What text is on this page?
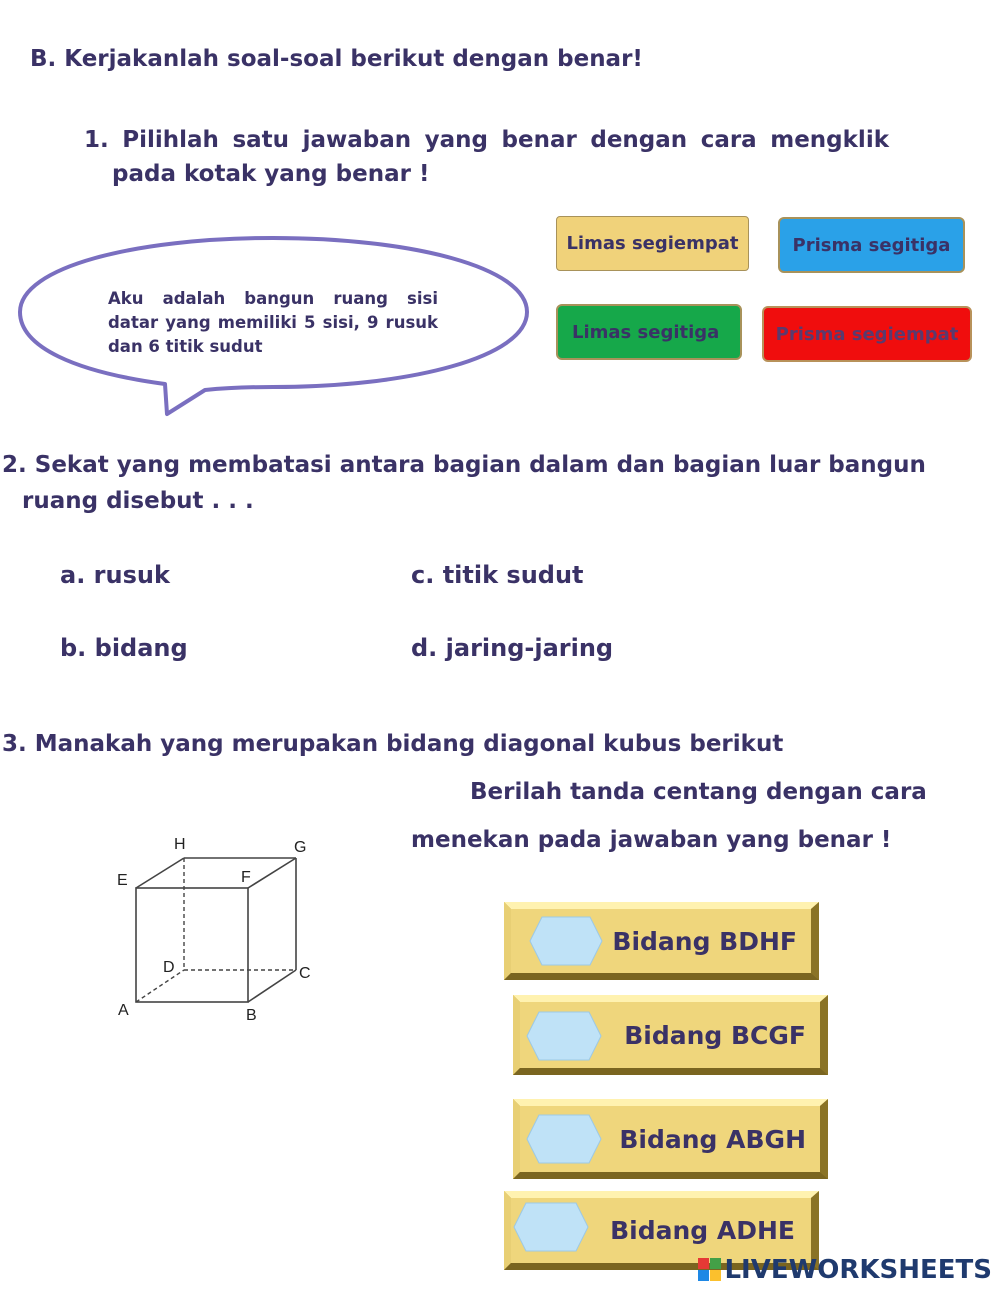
B. Kerjakanlah soal-soal berikut dengan benar!
1. Pilihlah satu jawaban yang benar dengan cara mengklik
pada kotak yang benar !
Aku adalah bangun ruang sisi datar yang memiliki 5 sisi, 9 rusuk dan 6 titik sudut
Limas segiempat	Prisma segitiga
Limas segitiga	Prisma segiempat
2. Sekat yang membatasi antara bagian dalam dan bagian luar bangun
ruang disebut . . .
a. rusuk	c. titik sudut
b. bidang	d. jaring-jaring
3. Manakah yang merupakan bidang diagonal kubus berikut
Berilah tanda centang dengan cara
menekan pada jawaban yang benar !
H	G
E	F
D	C
A	B
Bidang BDHF
Bidang BCGF
Bidang ABGH
Bidang ADHE
LIVEWORKSHEETS
